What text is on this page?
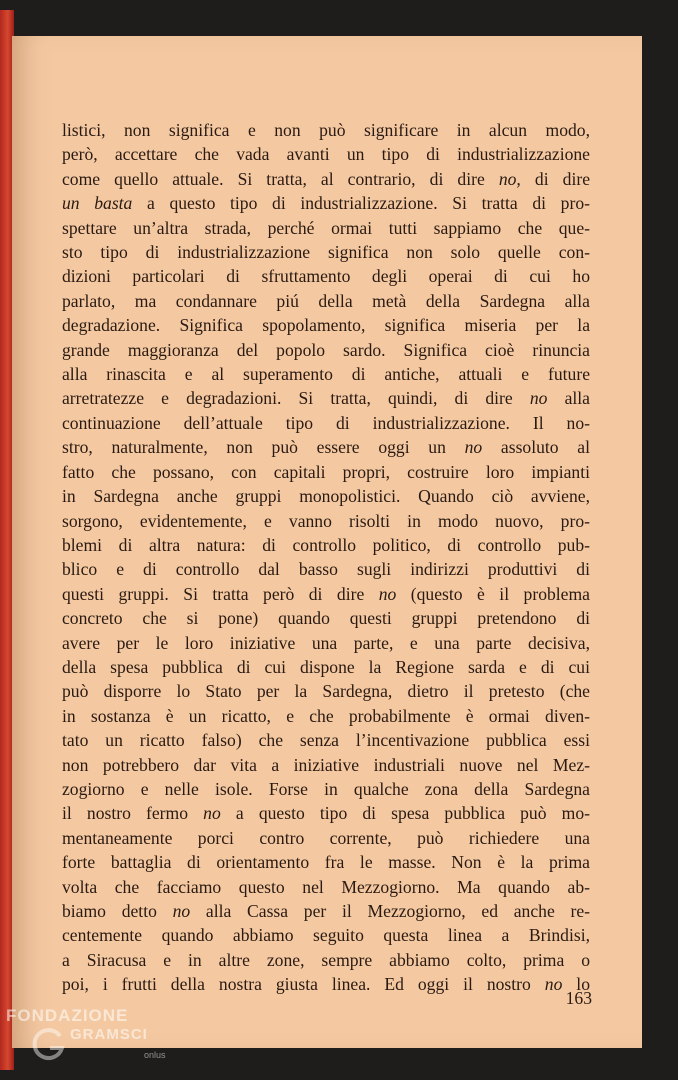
listici, non significa e non può significare in alcun modo,
però, accettare che vada avanti un tipo di industrializzazione
come quello attuale. Si tratta, al contrario, di dire no, di dire
un basta a questo tipo di industrializzazione. Si tratta di pro-
spettare un’altra strada, perché ormai tutti sappiamo che que-
sto tipo di industrializzazione significa non solo quelle con-
dizioni particolari di sfruttamento degli operai di cui ho
parlato, ma condannare piú della metà della Sardegna alla
degradazione. Significa spopolamento, significa miseria per la
grande maggioranza del popolo sardo. Significa cioè rinuncia
alla rinascita e al superamento di antiche, attuali e future
arretratezze e degradazioni. Si tratta, quindi, di dire no alla
continuazione dell’attuale tipo di industrializzazione. Il no-
stro, naturalmente, non può essere oggi un no assoluto al
fatto che possano, con capitali propri, costruire loro impianti
in Sardegna anche gruppi monopolistici. Quando ciò avviene,
sorgono, evidentemente, e vanno risolti in modo nuovo, pro-
blemi di altra natura: di controllo politico, di controllo pub-
blico e di controllo dal basso sugli indirizzi produttivi di
questi gruppi. Si tratta però di dire no (questo è il problema
concreto che si pone) quando questi gruppi pretendono di
avere per le loro iniziative una parte, e una parte decisiva,
della spesa pubblica di cui dispone la Regione sarda e di cui
può disporre lo Stato per la Sardegna, dietro il pretesto (che
in sostanza è un ricatto, e che probabilmente è ormai diven-
tato un ricatto falso) che senza l’incentivazione pubblica essi
non potrebbero dar vita a iniziative industriali nuove nel Mez-
zogiorno e nelle isole. Forse in qualche zona della Sardegna
il nostro fermo no a questo tipo di spesa pubblica può mo-
mentaneamente porci contro corrente, può richiedere una
forte battaglia di orientamento fra le masse. Non è la prima
volta che facciamo questo nel Mezzogiorno. Ma quando ab-
biamo detto no alla Cassa per il Mezzogiorno, ed anche re-
centemente quando abbiamo seguito questa linea a Brindisi,
a Siracusa e in altre zone, sempre abbiamo colto, prima o
poi, i frutti della nostra giusta linea. Ed oggi il nostro no lo
163
FONDAZIONE
GRAMSCI
onlus
